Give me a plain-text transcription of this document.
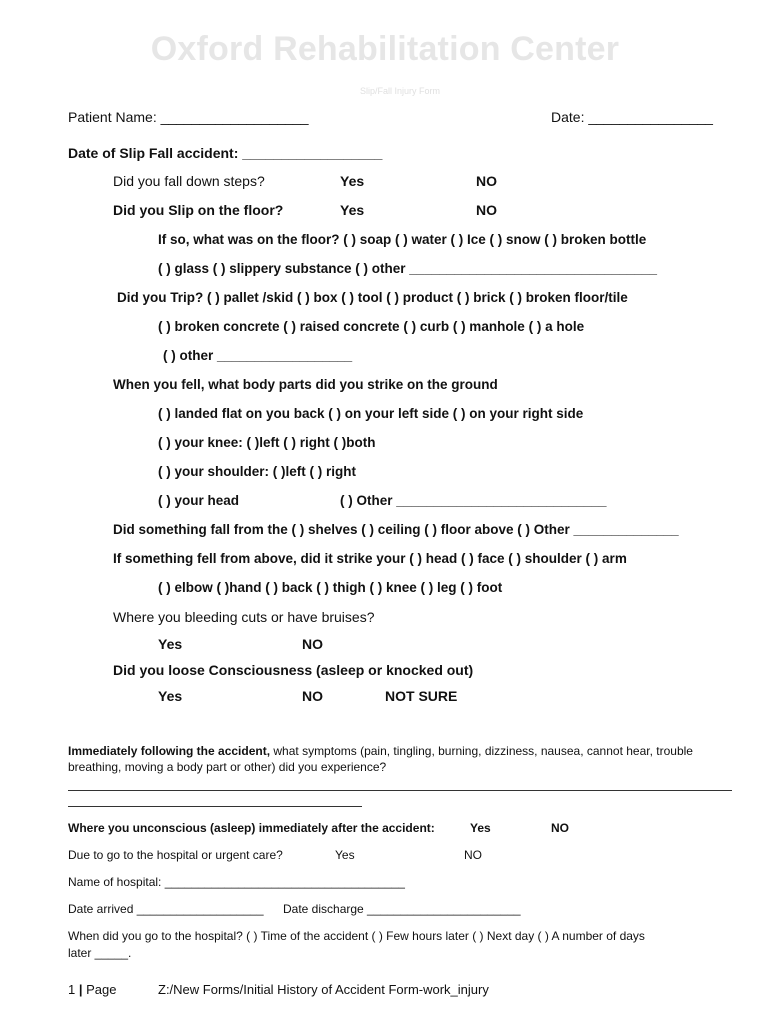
Oxford Rehabilitation Center
Slip/Fall Injury Form
Patient Name: ___________________	Date: ________________
Date of Slip Fall accident: __________________
Did you fall down steps?	Yes	NO
Did you Slip on the floor?	Yes	NO
If so, what was on the floor? ( ) soap ( ) water ( ) Ice ( ) snow ( ) broken bottle
( ) glass ( ) slippery substance ( ) other _________________________________
Did you Trip? ( ) pallet /skid ( ) box ( ) tool ( ) product ( ) brick ( ) broken floor/tile
( ) broken concrete ( ) raised concrete ( ) curb ( ) manhole ( ) a hole
( ) other __________________
When you fell, what body parts did you strike on the ground
( ) landed flat on you back ( ) on your left side ( ) on your right side
( ) your knee: ( )left ( ) right ( )both
( ) your shoulder: ( )left ( ) right
( ) your head	( ) Other ____________________________
Did something fall from the ( ) shelves ( ) ceiling ( ) floor above ( ) Other ______________
If something fell from above, did it strike your ( ) head ( ) face ( ) shoulder ( ) arm
( ) elbow ( )hand ( ) back ( ) thigh ( ) knee ( ) leg ( ) foot
Where you bleeding cuts or have bruises?
Yes	NO
Did you loose Consciousness (asleep or knocked out)
Yes	NO	NOT SURE
Immediately following the accident, what symptoms (pain, tingling, burning, dizziness, nausea, cannot hear, trouble
breathing, moving a body part or other) did you experience?
Where you unconscious (asleep) immediately after the accident:	Yes	NO
Due to go to the hospital or urgent care?	Yes	NO
Name of hospital: ____________________________________
Date arrived ___________________ Date discharge _______________________
When did you go to the hospital? ( ) Time of the accident ( ) Few hours later ( ) Next day ( ) A number of days
later _____.
1 | Page	Z:/New Forms/Initial History of Accident Form-work_injury
